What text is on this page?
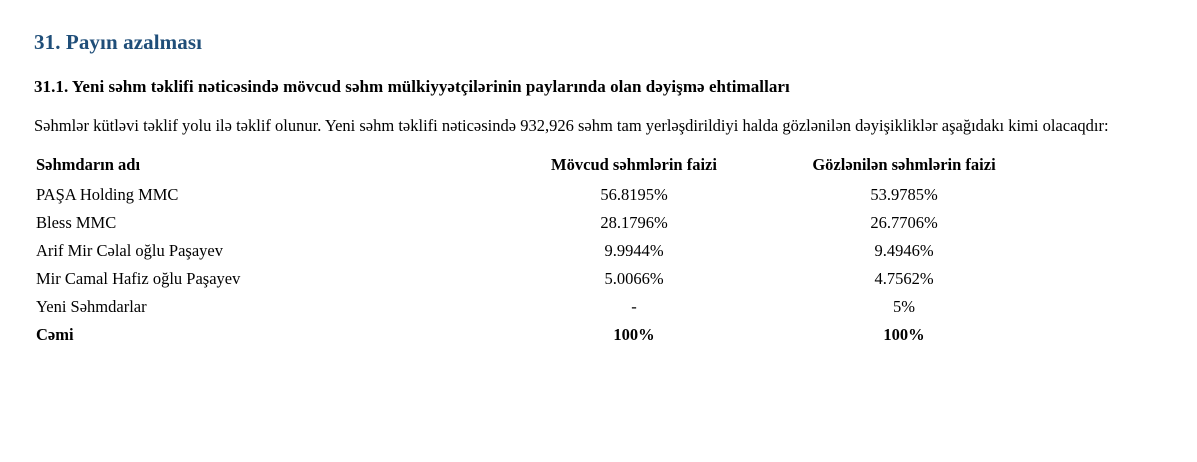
31. Payın azalması
31.1. Yeni səhm təklifi nəticəsində mövcud səhm mülkiyyətçilərinin paylarında olan dəyişmə ehtimalları

Səhmlər kütləvi təklif yolu ilə təklif olunur. Yeni səhm təklifi nəticəsində 932,926 səhm tam yerləşdirildiyi halda gözlənilən dəyişikliklər aşağıdakı kimi olacaqdır:

Səhmdarın adı	Mövcud səhmlərin faizi	Gözlənilən səhmlərin faizi
PAŞA Holding MMC	56.8195%	53.9785%
Bless MMC	28.1796%	26.7706%
Arif Mir Cəlal oğlu Paşayev	9.9944%	9.4946%
Mir Camal Hafiz oğlu Paşayev	5.0066%	4.7562%
Yeni Səhmdarlar	-	5%
Cəmi	100%	100%
